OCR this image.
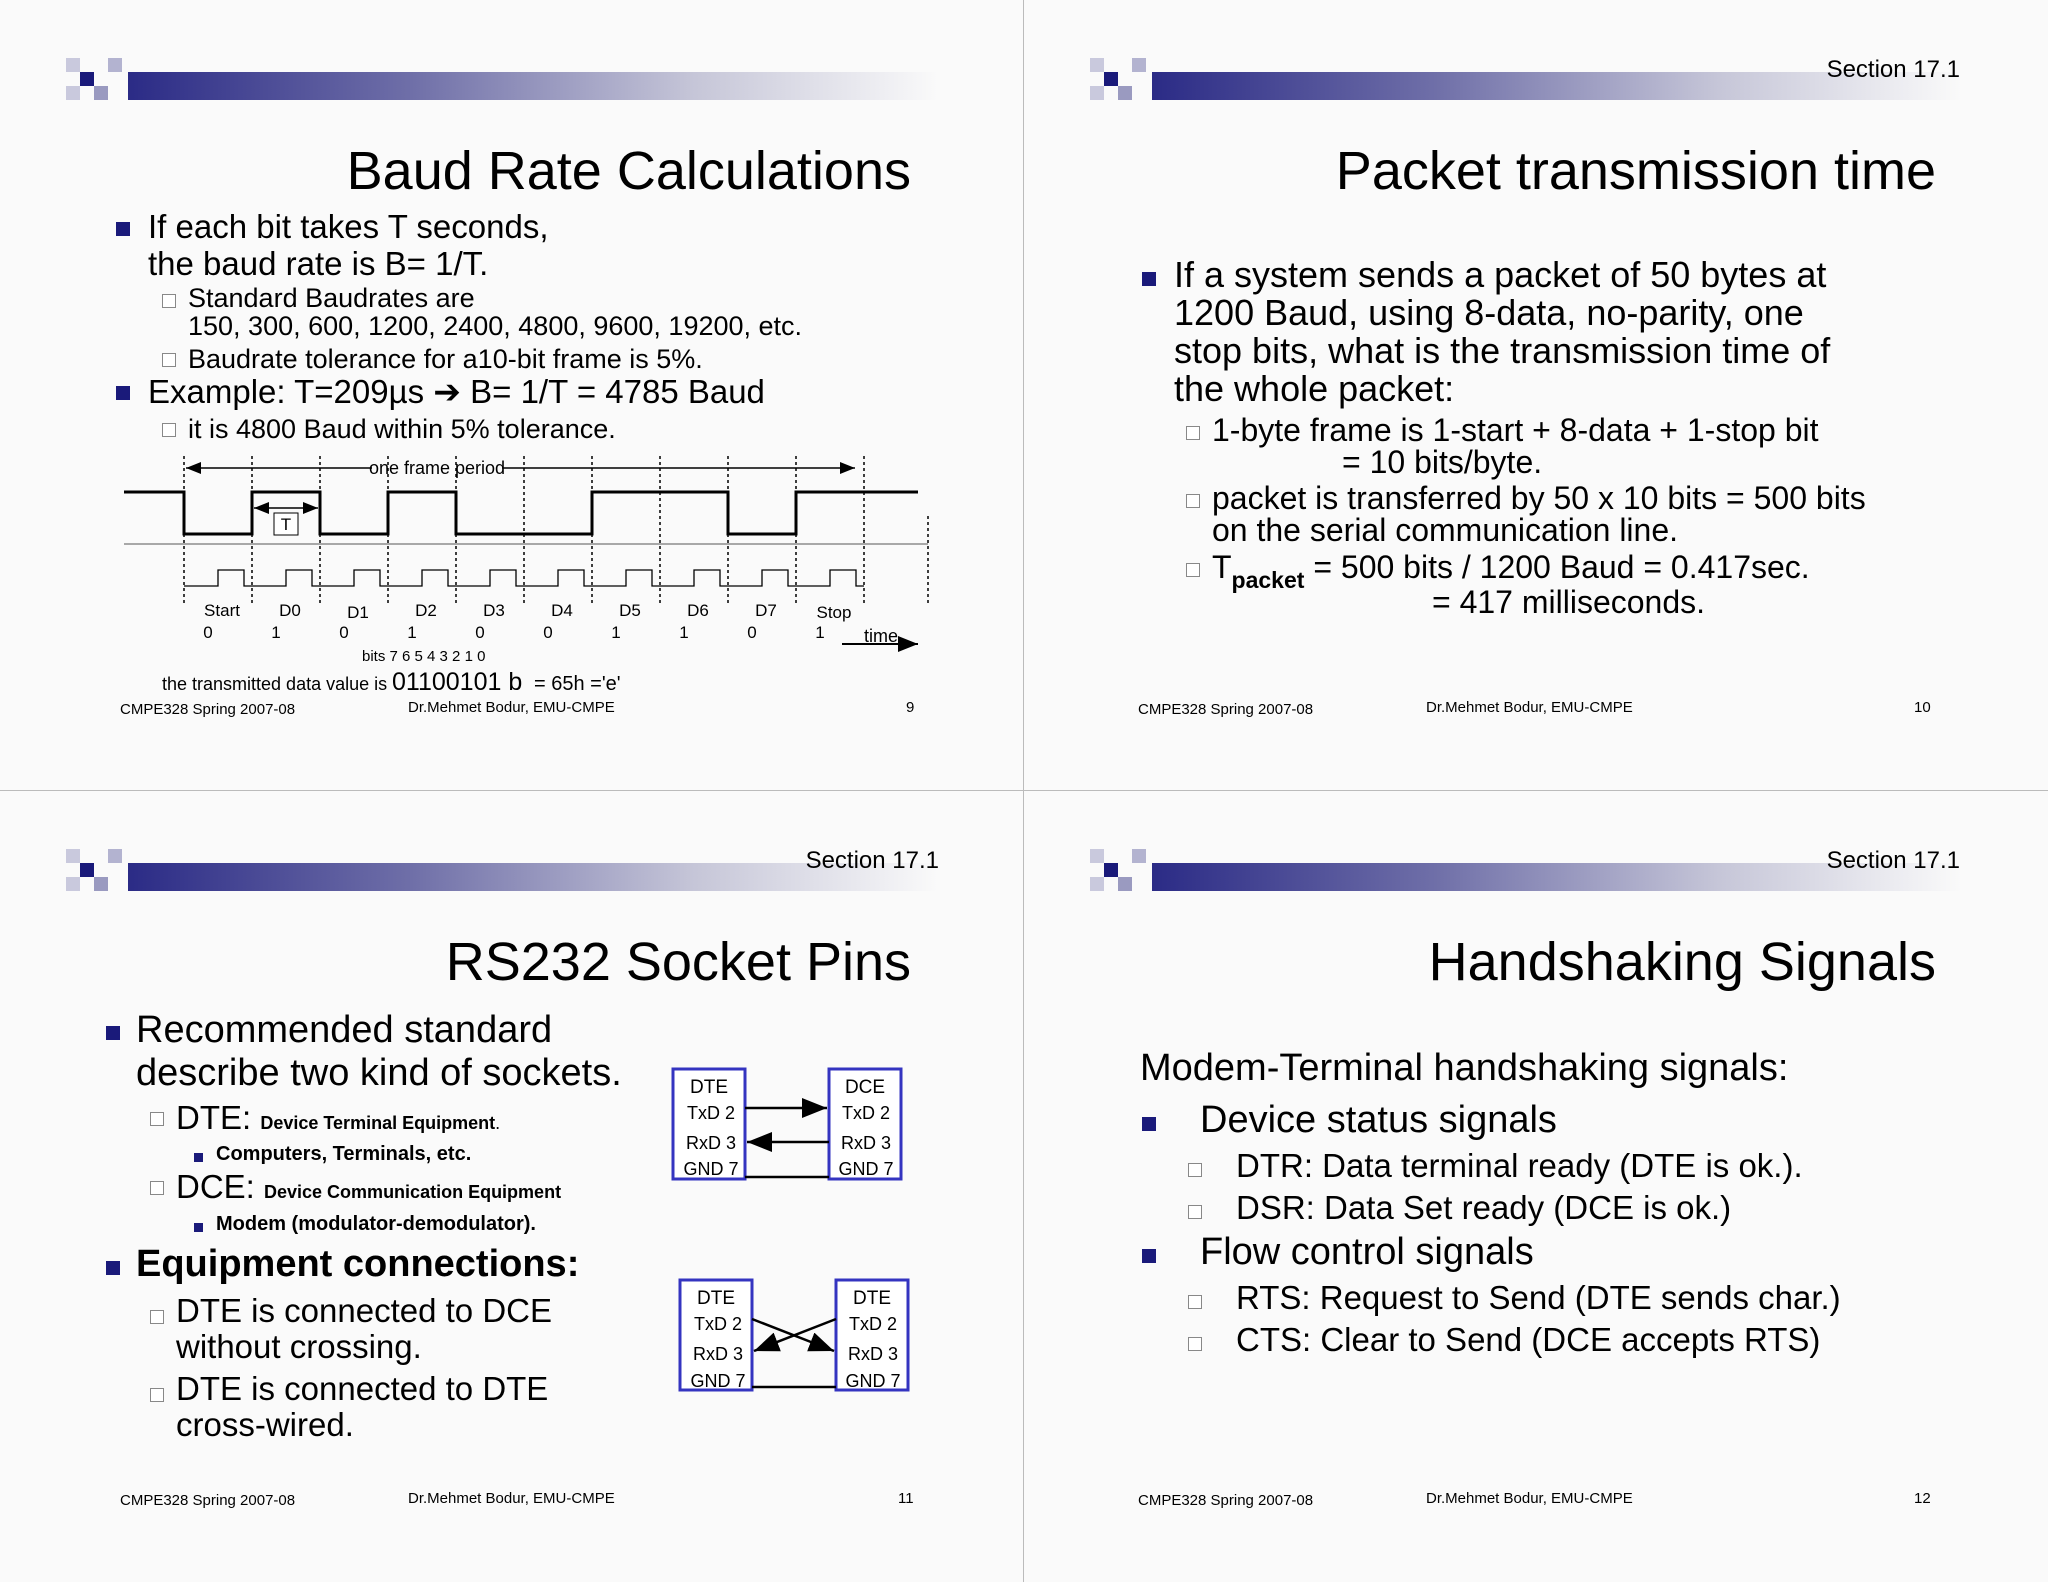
Baud Rate Calculations
If each bit takes T seconds,
the baud rate is B= 1/T.
Standard Baudrates are
150, 300, 600, 1200, 2400, 4800, 9600, 19200, etc.
Baudrate tolerance for a10-bit frame is 5%.
Example: T=209µs ➔ B= 1/T = 4785 Baud
it is 4800 Baud within 5% tolerance.
one frame period
T
Start
0
D0
1
D1
0
D2
1
D3
0
D4
0
D5
1
D6
1
D7
0
Stop
1 time
bits 7 6 5 4 3 2 1 0
the transmitted data value is 01100101 b = 65h ='e'
CMPE328 Spring 2007-08	Dr.Mehmet Bodur, EMU-CMPE	9
Section 17.1
Packet transmission time
If a system sends a packet of 50 bytes at
1200 Baud, using 8-data, no-parity, one
stop bits, what is the transmission time of
the whole packet:
1-byte frame is 1-start + 8-data + 1-stop bit
= 10 bits/byte.
packet is transferred by 50 x 10 bits = 500 bits
on the serial communication line.
$T_{packet} = 500$ bits / 1200 Baud = 0.417sec.
= 417 milliseconds.
CMPE328 Spring 2007-08	Dr.Mehmet Bodur, EMU-CMPE	10
Section 17.1
RS232 Socket Pins
Recommended standard
describe two kind of sockets.
DTE: Device Terminal Equipment.
Computers, Terminals, etc.
DCE: Device Communication Equipment
Modem (modulator-demodulator).
Equipment connections:
DTE is connected to DCE
without crossing.
DTE is connected to DTE
cross-wired.
DTE	DCE
TxD 2
RxD 3
GND 7
TxD 2
RxD 3
GND 7
DTE	DTE
TxD 2
RxD 3
GND 7
TxD 2
RxD 3
GND 7
CMPE328 Spring 2007-08	Dr.Mehmet Bodur, EMU-CMPE	11
Section 17.1
Handshaking Signals
Modem-Terminal handshaking signals:
Device status signals
DTR: Data terminal ready (DTE is ok.).
DSR: Data Set ready (DCE is ok.)
Flow control signals
RTS: Request to Send (DTE sends char.)
CTS: Clear to Send (DCE accepts RTS)
CMPE328 Spring 2007-08	Dr.Mehmet Bodur, EMU-CMPE	12
